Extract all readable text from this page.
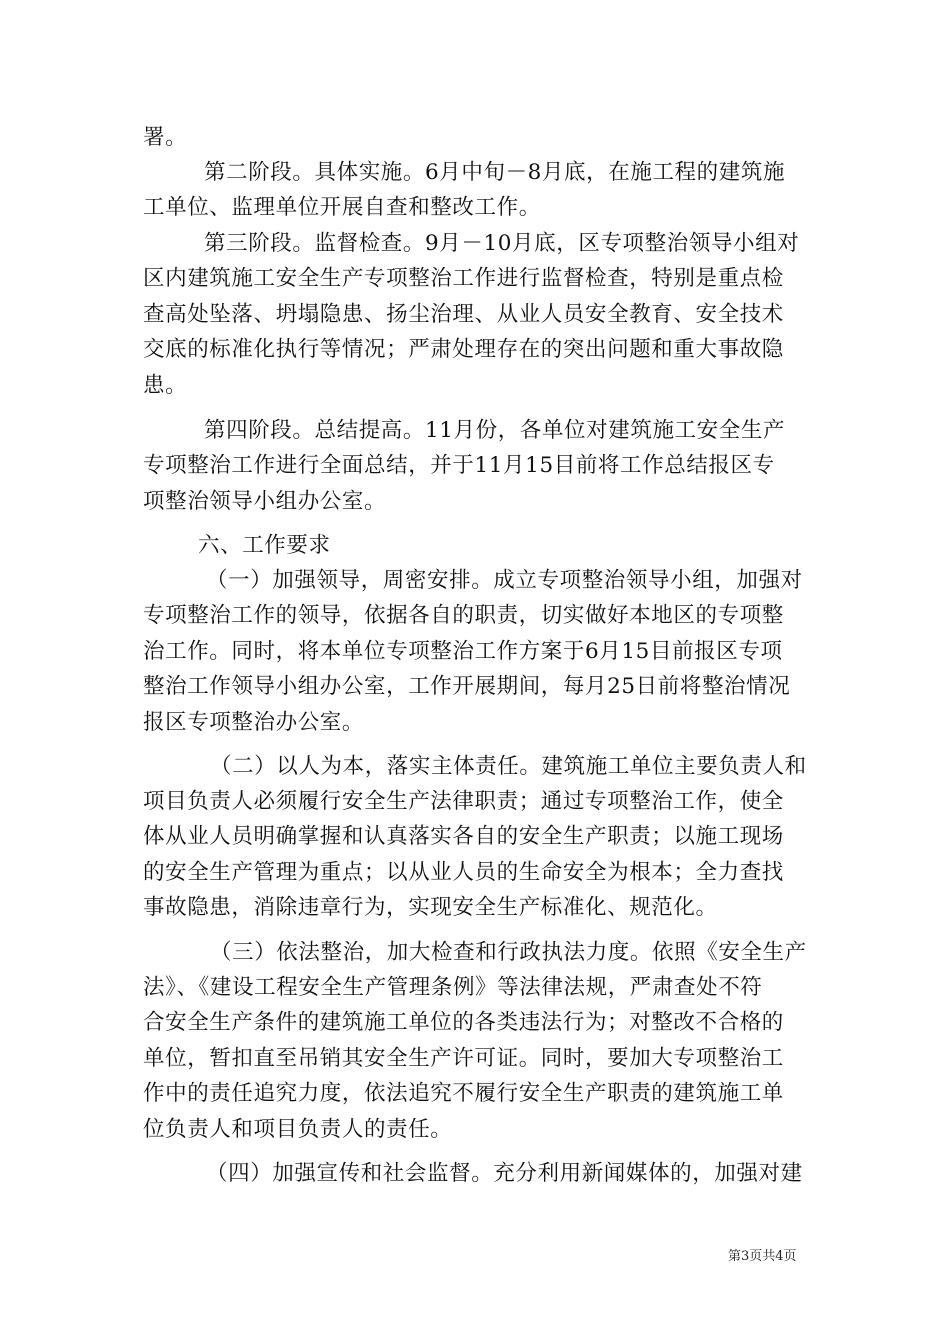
署。
第二阶段。具体实施。6月中旬－8月底，在施工程的建筑施
工单位、监理单位开展自查和整改工作。
第三阶段。监督检查。9月－10月底，区专项整治领导小组对
区内建筑施工安全生产专项整治工作进行监督检查，特别是重点检
查高处坠落、坍塌隐患、扬尘治理、从业人员安全教育、安全技术
交底的标准化执行等情况；严肃处理存在的突出问题和重大事故隐
患。
第四阶段。总结提高。11月份，各单位对建筑施工安全生产
专项整治工作进行全面总结，并于11月15目前将工作总结报区专
项整治领导小组办公室。
六、工作要求
（一）加强领导，周密安排。成立专项整治领导小组，加强对
专项整治工作的领导，依据各自的职责，切实做好本地区的专项整
治工作。同时，将本单位专项整治工作方案于6月15目前报区专项
整治工作领导小组办公室，工作开展期间，每月25日前将整治情况
报区专项整治办公室。
（二）以人为本，落实主体责任。建筑施工单位主要负责人和
项目负责人必须履行安全生产法律职责；通过专项整治工作，使全
体从业人员明确掌握和认真落实各自的安全生产职责；以施工现场
的安全生产管理为重点；以从业人员的生命安全为根本；全力查找
事故隐患，消除违章行为，实现安全生产标准化、规范化。
（三）依法整治，加大检查和行政执法力度。依照《安全生产
法》、《建设工程安全生产管理条例》等法律法规，严肃查处不符
合安全生产条件的建筑施工单位的各类违法行为；对整改不合格的
单位，暂扣直至吊销其安全生产许可证。同时，要加大专项整治工
作中的责任追究力度，依法追究不履行安全生产职责的建筑施工单
位负责人和项目负责人的责任。
（四）加强宣传和社会监督。充分利用新闻媒体的，加强对建
第3页共4页
